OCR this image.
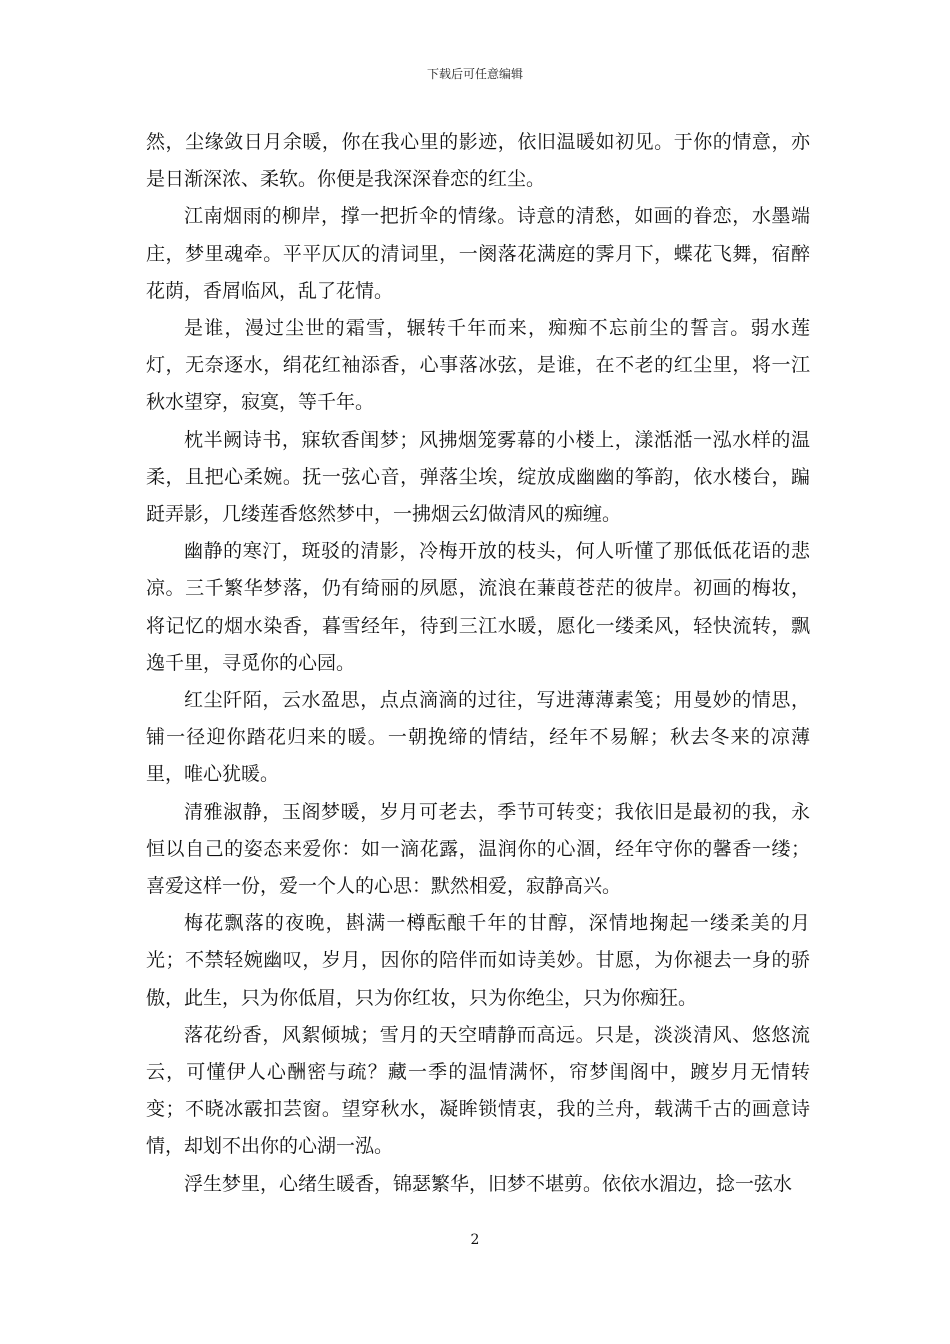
下载后可任意编辑

然，尘缘敛日月余暖，你在我心里的影迹，依旧温暖如初见。于你的情意，亦是日渐深浓、柔软。你便是我深深眷恋的红尘。

江南烟雨的柳岸，撑一把折伞的情缘。诗意的清愁，如画的眷恋，水墨端庄，梦里魂牵。平平仄仄的清词里，一阕落花满庭的霁月下，蝶花飞舞，宿醉花荫，香屑临风，乱了花情。

是谁，漫过尘世的霜雪，辗转千年而来，痴痴不忘前尘的誓言。弱水莲灯，无奈逐水，绢花红袖添香，心事落冰弦，是谁，在不老的红尘里，将一江秋水望穿，寂寞，等千年。

枕半阙诗书，寐软香闺梦；风拂烟笼雾幕的小楼上，漾湉湉一泓水样的温柔，且把心柔婉。抚一弦心音，弹落尘埃，绽放成幽幽的筝韵，依水楼台，蹁跹弄影，几缕莲香悠然梦中，一拂烟云幻做清风的痴缠。

幽静的寒汀，斑驳的清影，冷梅开放的枝头，何人听懂了那低低花语的悲凉。三千繁华梦落，仍有绮丽的夙愿，流浪在蒹葭苍茫的彼岸。初画的梅妆，将记忆的烟水染香，暮雪经年，待到三江水暖，愿化一缕柔风，轻快流转，飘逸千里，寻觅你的心园。

红尘阡陌，云水盈思，点点滴滴的过往，写进薄薄素笺；用曼妙的情思，铺一径迎你踏花归来的暖。一朝挽缔的情结，经年不易解；秋去冬来的凉薄里，唯心犹暖。

清雅淑静，玉阁梦暖，岁月可老去，季节可转变；我依旧是最初的我，永恒以自己的姿态来爱你：如一滴花露，温润你的心涸，经年守你的馨香一缕；喜爱这样一份，爱一个人的心思：默然相爱，寂静高兴。

梅花飘落的夜晚，斟满一樽酝酿千年的甘醇，深情地掬起一缕柔美的月光；不禁轻婉幽叹，岁月，因你的陪伴而如诗美妙。甘愿，为你褪去一身的骄傲，此生，只为你低眉，只为你红妆，只为你绝尘，只为你痴狂。

落花纷香，风絮倾城；雪月的天空晴静而高远。只是，淡淡清风、悠悠流云，可懂伊人心酬密与疏？藏一季的温情满怀，帘梦闺阁中，踱岁月无情转变；不晓冰霰扣芸窗。望穿秋水，凝眸锁情衷，我的兰舟，载满千古的画意诗情，却划不出你的心湖一泓。

浮生梦里，心绪生暖香，锦瑟繁华，旧梦不堪剪。依依水湄边，捻一弦水

2
